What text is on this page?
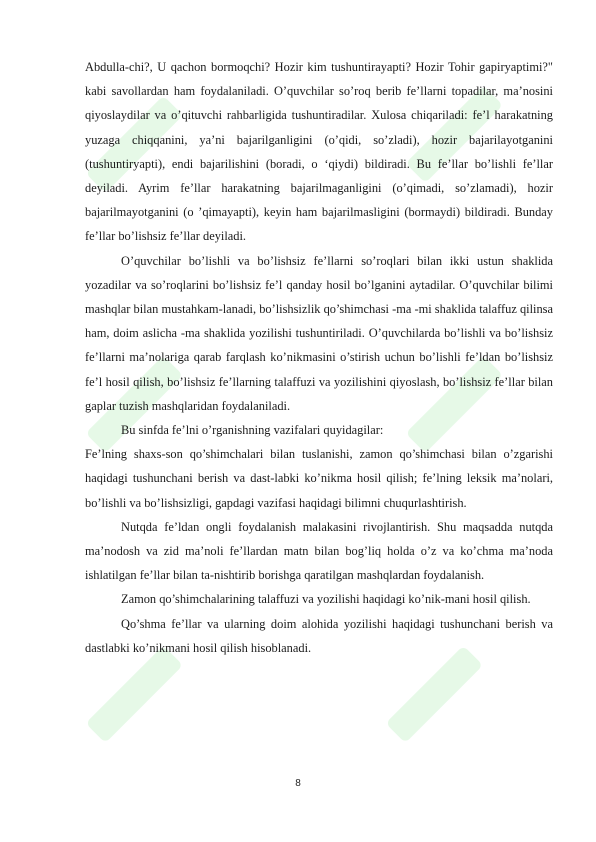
Abdulla-chi?, U qachon bormoqchi? Hozir kim tushuntirayapti? Hozir Tohir gapiryaptimi?" kabi savollardan ham foydalaniladi. O’quvchilar so’roq berib fe’llarni topadilar, ma’nosini qiyoslaydilar va o’qituvchi rahbarligida tushuntiradilar. Xulosa chiqariladi: fe’l harakatning yuzaga chiqqanini, ya’ni bajarilganligini (o’qidi, so’zladi), hozir bajarilayotganini (tushuntiryapti), endi bajarilishini (boradi, o ‘qiydi) bildiradi. Bu fe’llar bo’lishli fe’llar deyiladi. Ayrim fe’llar harakatning bajarilmaganligini (o’qimadi, so’zlamadi), hozir bajarilmayotganini (o ’qimayapti), keyin ham bajarilmasligini (bormaydi) bildiradi. Bunday fe’llar bo’lishsiz fe’llar deyiladi.

O’quvchilar bo’lishli va bo’lishsiz fe’llarni so’roqlari bilan ikki ustun shaklida yozadilar va so’roqlarini bo’lishsiz fe’l qanday hosil bo’lganini aytadilar. O’quvchilar bilimi mashqlar bilan mustahkam-lanadi, bo’lishsizlik qo’shimchasi -ma -mi shaklida talaffuz qilinsa ham, doim aslicha -ma shaklida yozilishi tushuntiriladi. O’quvchilarda bo’lishli va bo’lishsiz fe’llarni ma’nolariga qarab farqlash ko’nikmasini o’stirish uchun bo’lishli fe’ldan bo’lishsiz fe’l hosil qilish, bo’lishsiz fe’llarning talaffuzi va yozilishini qiyoslash, bo’lishsiz fe’llar bilan gaplar tuzish mashqlaridan foydalaniladi.

Bu sinfda fe’lni o’rganishning vazifalari quyidagilar:

Fe’lning shaxs-son qo’shimchalari bilan tuslanishi, zamon qo’shimchasi bilan o’zgarishi haqidagi tushunchani berish va dast-labki ko’nikma hosil qilish; fe’lning leksik ma’nolari, bo’lishli va bo’lishsizligi, gapdagi vazifasi haqidagi bilimni chuqurlashtirish.

Nutqda fe’ldan ongli foydalanish malakasini rivojlantirish. Shu maqsadda nutqda ma’nodosh va zid ma’noli fe’llardan matn bilan bog’liq holda o’z va ko’chma ma’noda ishlatilgan fe’llar bilan ta-nishtirib borishga qaratilgan mashqlardan foydalanish.

Zamon qo’shimchalarining talaffuzi va yozilishi haqidagi ko’nik-mani hosil qilish.

Qo’shma fe’llar va ularning doim alohida yozilishi haqidagi tushunchani berish va dastlabki ko’nikmani hosil qilish hisoblanadi.

8
